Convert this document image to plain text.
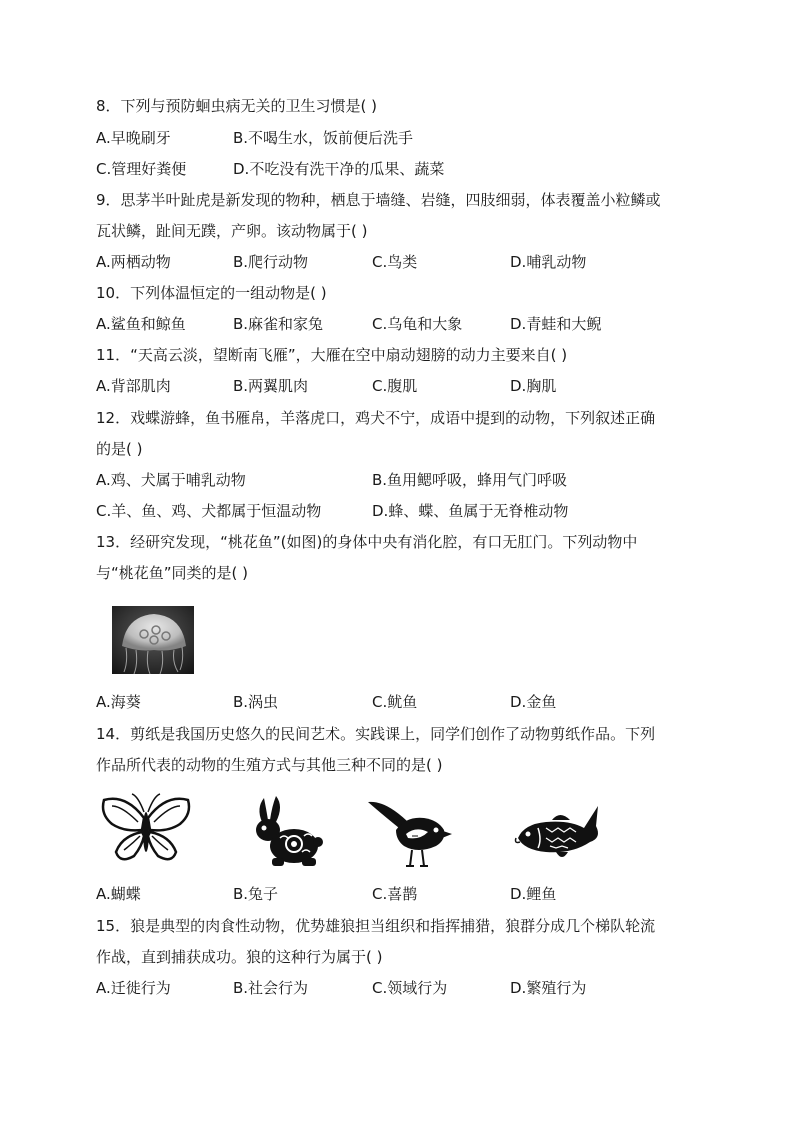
8．下列与预防蛔虫病无关的卫生习惯是( )
A.早晚刷牙	B.不喝生水，饭前便后洗手
C.管理好粪便	D.不吃没有洗干净的瓜果、蔬菜
9．思茅半叶趾虎是新发现的物种，栖息于墙缝、岩缝，四肢细弱，体表覆盖小粒鳞或
瓦状鳞，趾间无蹼，产卵。该动物属于( )
A.两栖动物	B.爬行动物	C.鸟类	D.哺乳动物
10．下列体温恒定的一组动物是( )
A.鲨鱼和鲸鱼	B.麻雀和家兔	C.乌龟和大象	D.青蛙和大鲵
11．“天高云淡，望断南飞雁”，大雁在空中扇动翅膀的动力主要来自( )
A.背部肌肉	B.两翼肌肉	C.腹肌	D.胸肌
12．戏蝶游蜂，鱼书雁帛，羊落虎口，鸡犬不宁，成语中提到的动物，下列叙述正确
的是( )
A.鸡、犬属于哺乳动物	B.鱼用鳃呼吸，蜂用气门呼吸
C.羊、鱼、鸡、犬都属于恒温动物	D.蜂、蝶、鱼属于无脊椎动物
13．经研究发现，“桃花鱼”(如图)的身体中央有消化腔，有口无肛门。下列动物中
与“桃花鱼”同类的是( )
A.海葵	B.涡虫	C.鱿鱼	D.金鱼
14．剪纸是我国历史悠久的民间艺术。实践课上，同学们创作了动物剪纸作品。下列
作品所代表的动物的生殖方式与其他三种不同的是( )
A.蝴蝶	B.兔子	C.喜鹊	D.鲤鱼
15．狼是典型的肉食性动物，优势雄狼担当组织和指挥捕猎，狼群分成几个梯队轮流
作战，直到捕获成功。狼的这种行为属于( )
A.迁徙行为	B.社会行为	C.领域行为	D.繁殖行为
